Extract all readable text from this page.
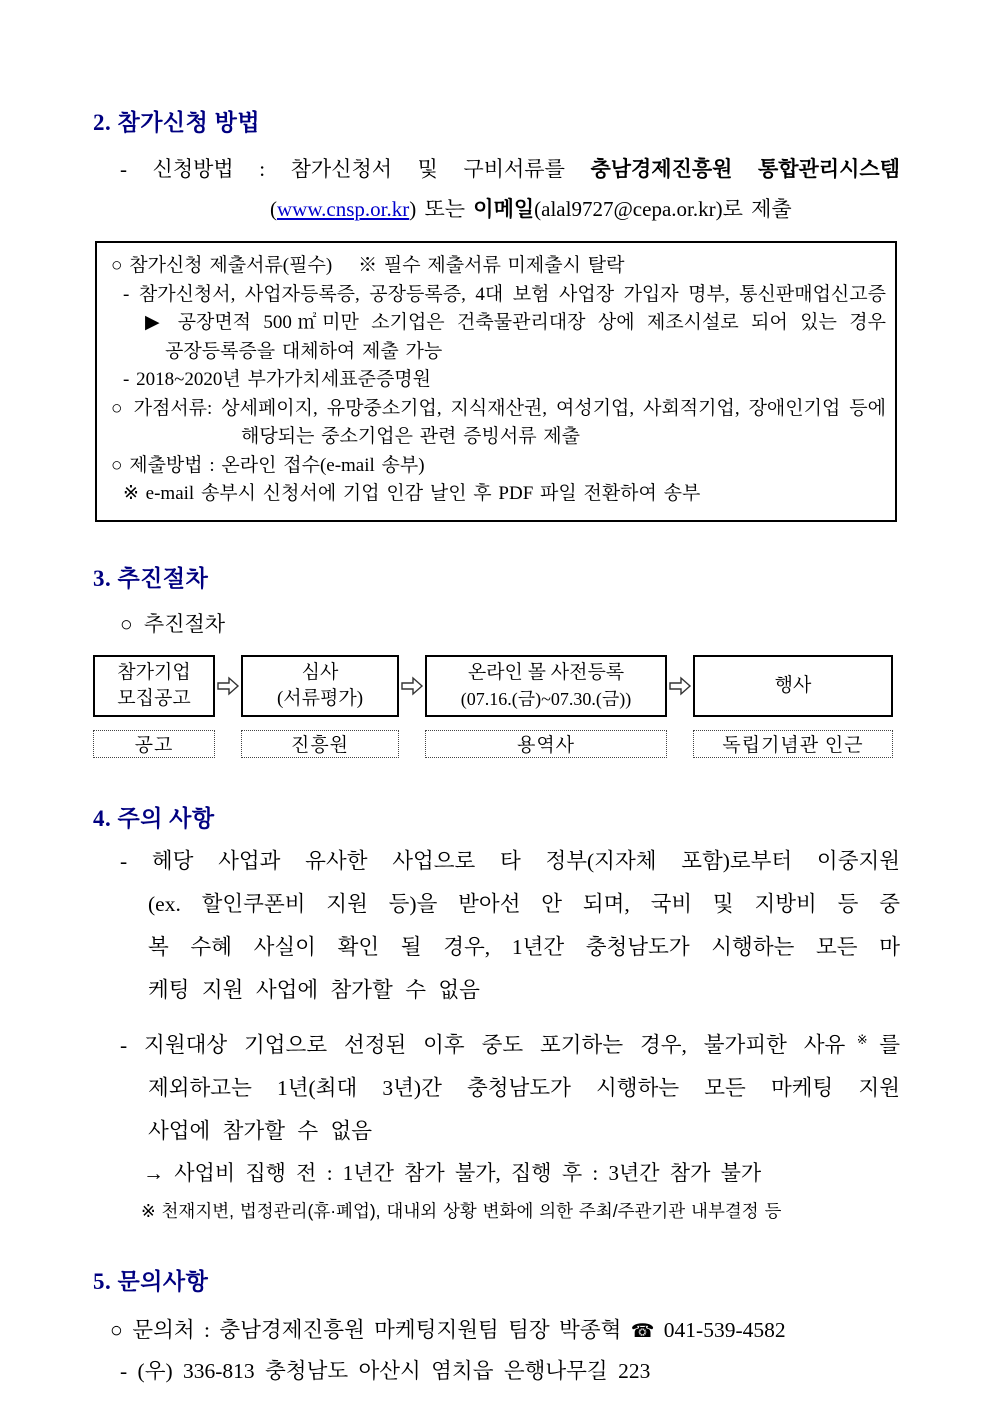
2. 참가신청 방법
- 신청방법 : 참가신청서 및 구비서류를 충남경제진흥원 통합관리시스템
(www.cnsp.or.kr) 또는 이메일(alal9727@cepa.or.kr)로 제출
○ 참가신청 제출서류(필수) ※ 필수 제출서류 미제출시 탈락
- 참가신청서, 사업자등록증, 공장등록증, 4대 보험 사업장 가입자 명부, 통신판매업신고증
▶ 공장면적 500㎡미만 소기업은 건축물관리대장 상에 제조시설로 되어 있는 경우
공장등록증을 대체하여 제출 가능
- 2018~2020년 부가가치세표준증명원
○ 가점서류: 상세페이지, 유망중소기업, 지식재산권, 여성기업, 사회적기업, 장애인기업 등에
해당되는 중소기업은 관련 증빙서류 제출
○ 제출방법 : 온라인 접수(e-mail 송부)
※ e-mail 송부시 신청서에 기업 인감 날인 후 PDF 파일 전환하여 송부
3. 추진절차
○ 추진절차
참가기업
모집공고
심사
(서류평가)
온라인 몰 사전등록
(07.16.(금)~07.30.(금))
행사
공고	진흥원	용역사	독립기념관 인근
4. 주의 사항
- 헤당 사업과 유사한 사업으로 타 정부(지자체 포함)로부터 이중지원
(ex. 할인쿠폰비 지원 등)을 받아선 안 되며, 국비 및 지방비 등 중
복 수혜 사실이 확인 될 경우, 1년간 충청남도가 시행하는 모든 마
케팅 지원 사업에 참가할 수 없음
- 지원대상 기업으로 선정된 이후 중도 포기하는 경우, 불가피한 사유※를
제외하고는 1년(최대 3년)간 충청남도가 시행하는 모든 마케팅 지원
사업에 참가할 수 없음
→ 사업비 집행 전 : 1년간 참가 불가, 집행 후 : 3년간 참가 불가
※ 천재지변, 법정관리(휴·폐업), 대내외 상황 변화에 의한 주최/주관기관 내부결정 등
5. 문의사항
○ 문의처 : 충남경제진흥원 마케팅지원팀 팀장 박종혁 ☎ 041-539-4582
- (우) 336-813 충청남도 아산시 염치읍 은행나무길 223
